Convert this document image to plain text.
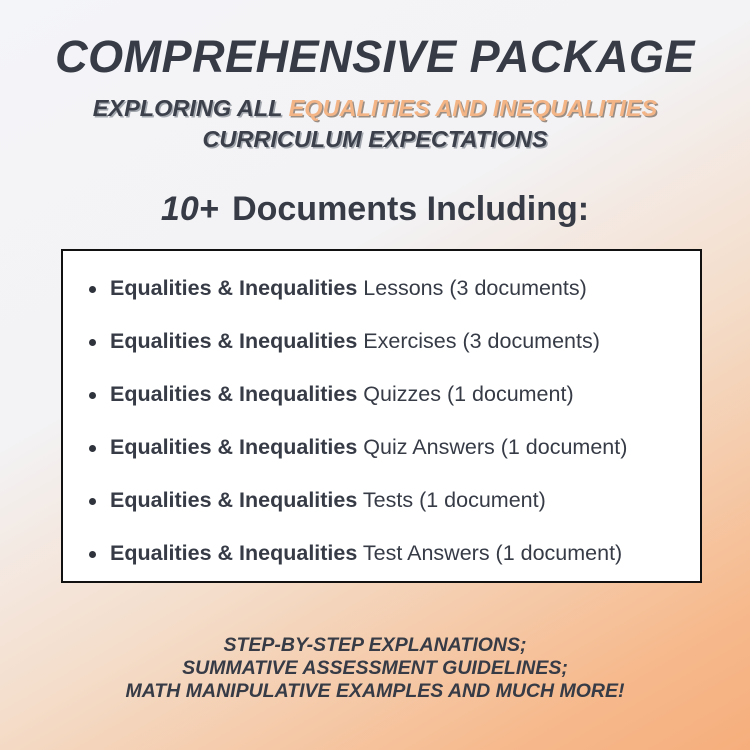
COMPREHENSIVE PACKAGE
EXPLORING ALL EQUALITIES AND INEQUALITIES
CURRICULUM EXPECTATIONS
10+ Documents Including:
Equalities & Inequalities Lessons (3 documents)
Equalities & Inequalities Exercises (3 documents)
Equalities & Inequalities Quizzes (1 document)
Equalities & Inequalities Quiz Answers (1 document)
Equalities & Inequalities Tests (1 document)
Equalities & Inequalities Test Answers (1 document)
STEP-BY-STEP EXPLANATIONS;
SUMMATIVE ASSESSMENT GUIDELINES;
MATH MANIPULATIVE EXAMPLES AND MUCH MORE!
